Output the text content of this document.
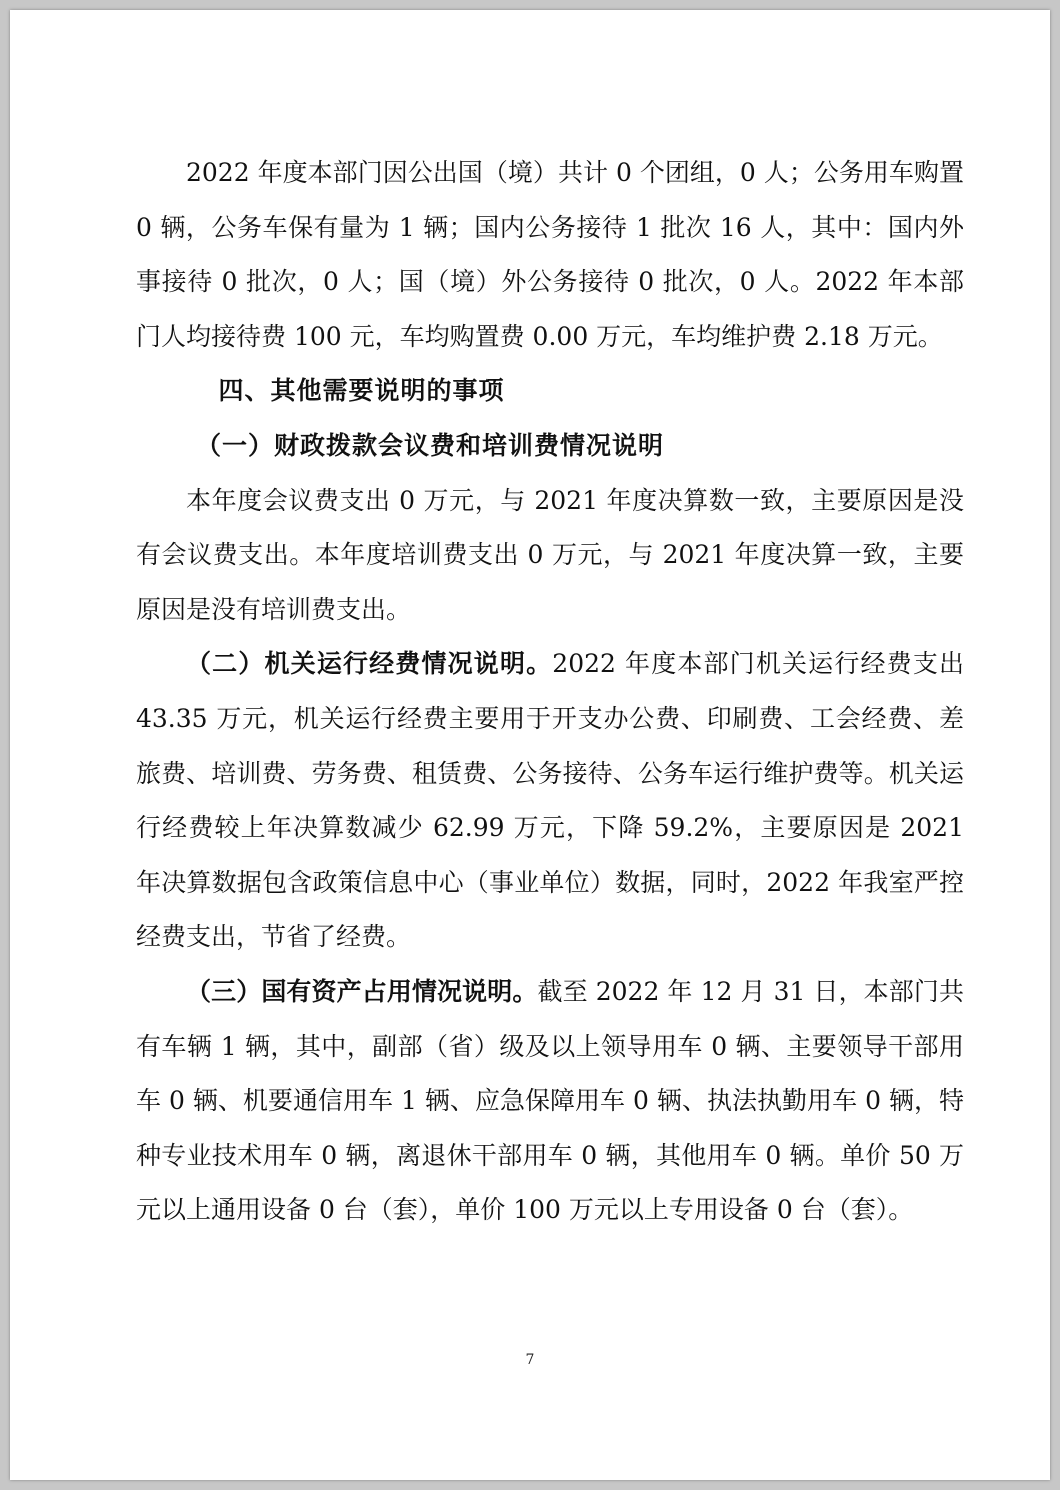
2022 年度本部门因公出国（境）共计 0 个团组，0 人；公务用车购置 0 辆，公务车保有量为 1 辆；国内公务接待 1 批次 16 人，其中：国内外事接待 0 批次，0 人；国（境）外公务接待 0 批次，0 人。2022 年本部门人均接待费 100 元，车均购置费 0.00 万元，车均维护费 2.18 万元。

四、其他需要说明的事项

（一）财政拨款会议费和培训费情况说明

本年度会议费支出 0 万元，与 2021 年度决算数一致，主要原因是没有会议费支出。本年度培训费支出 0 万元，与 2021 年度决算一致，主要原因是没有培训费支出。

（二）机关运行经费情况说明。2022 年度本部门机关运行经费支出 43.35 万元，机关运行经费主要用于开支办公费、印刷费、工会经费、差旅费、培训费、劳务费、租赁费、公务接待、公务车运行维护费等。机关运行经费较上年决算数减少 62.99 万元，下降 59.2%，主要原因是 2021 年决算数据包含政策信息中心（事业单位）数据，同时，2022 年我室严控经费支出，节省了经费。

（三）国有资产占用情况说明。截至 2022 年 12 月 31 日，本部门共有车辆 1 辆，其中，副部（省）级及以上领导用车 0 辆、主要领导干部用车 0 辆、机要通信用车 1 辆、应急保障用车 0 辆、执法执勤用车 0 辆，特种专业技术用车 0 辆，离退休干部用车 0 辆，其他用车 0 辆。单价 50 万元以上通用设备 0 台（套），单价 100 万元以上专用设备 0 台（套）。

7
